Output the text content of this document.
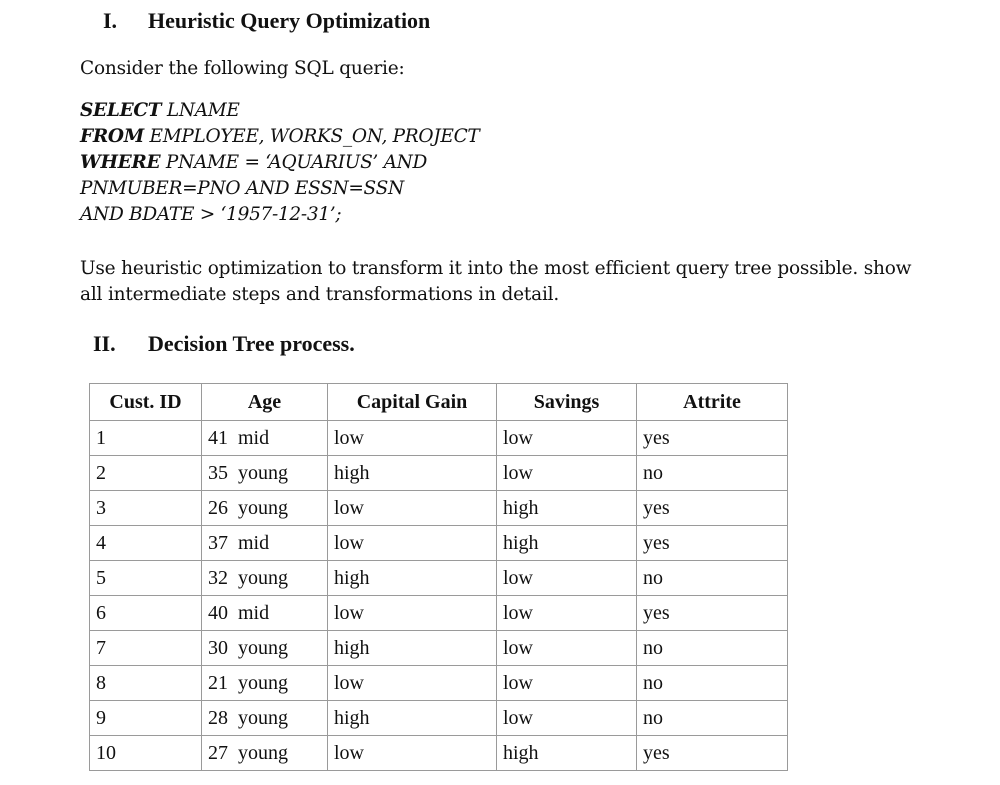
I. Heuristic Query Optimization
Consider the following SQL querie:
SELECT LNAME
FROM EMPLOYEE, WORKS_ON, PROJECT
WHERE PNAME = ‘AQUARIUS’ AND
PNMUBER=PNO AND ESSN=SSN
AND BDATE > ‘1957-12-31’;
Use heuristic optimization to transform it into the most efficient query tree possible. show
all intermediate steps and transformations in detail.
II. Decision Tree process.
Cust. ID	Age	Capital Gain	Savings	Attrite
1	41  mid	low	low	yes
2	35  young	high	low	no
3	26  young	low	high	yes
4	37  mid	low	high	yes
5	32  young	high	low	no
6	40  mid	low	low	yes
7	30  young	high	low	no
8	21  young	low	low	no
9	28  young	high	low	no
10	27  young	low	high	yes
